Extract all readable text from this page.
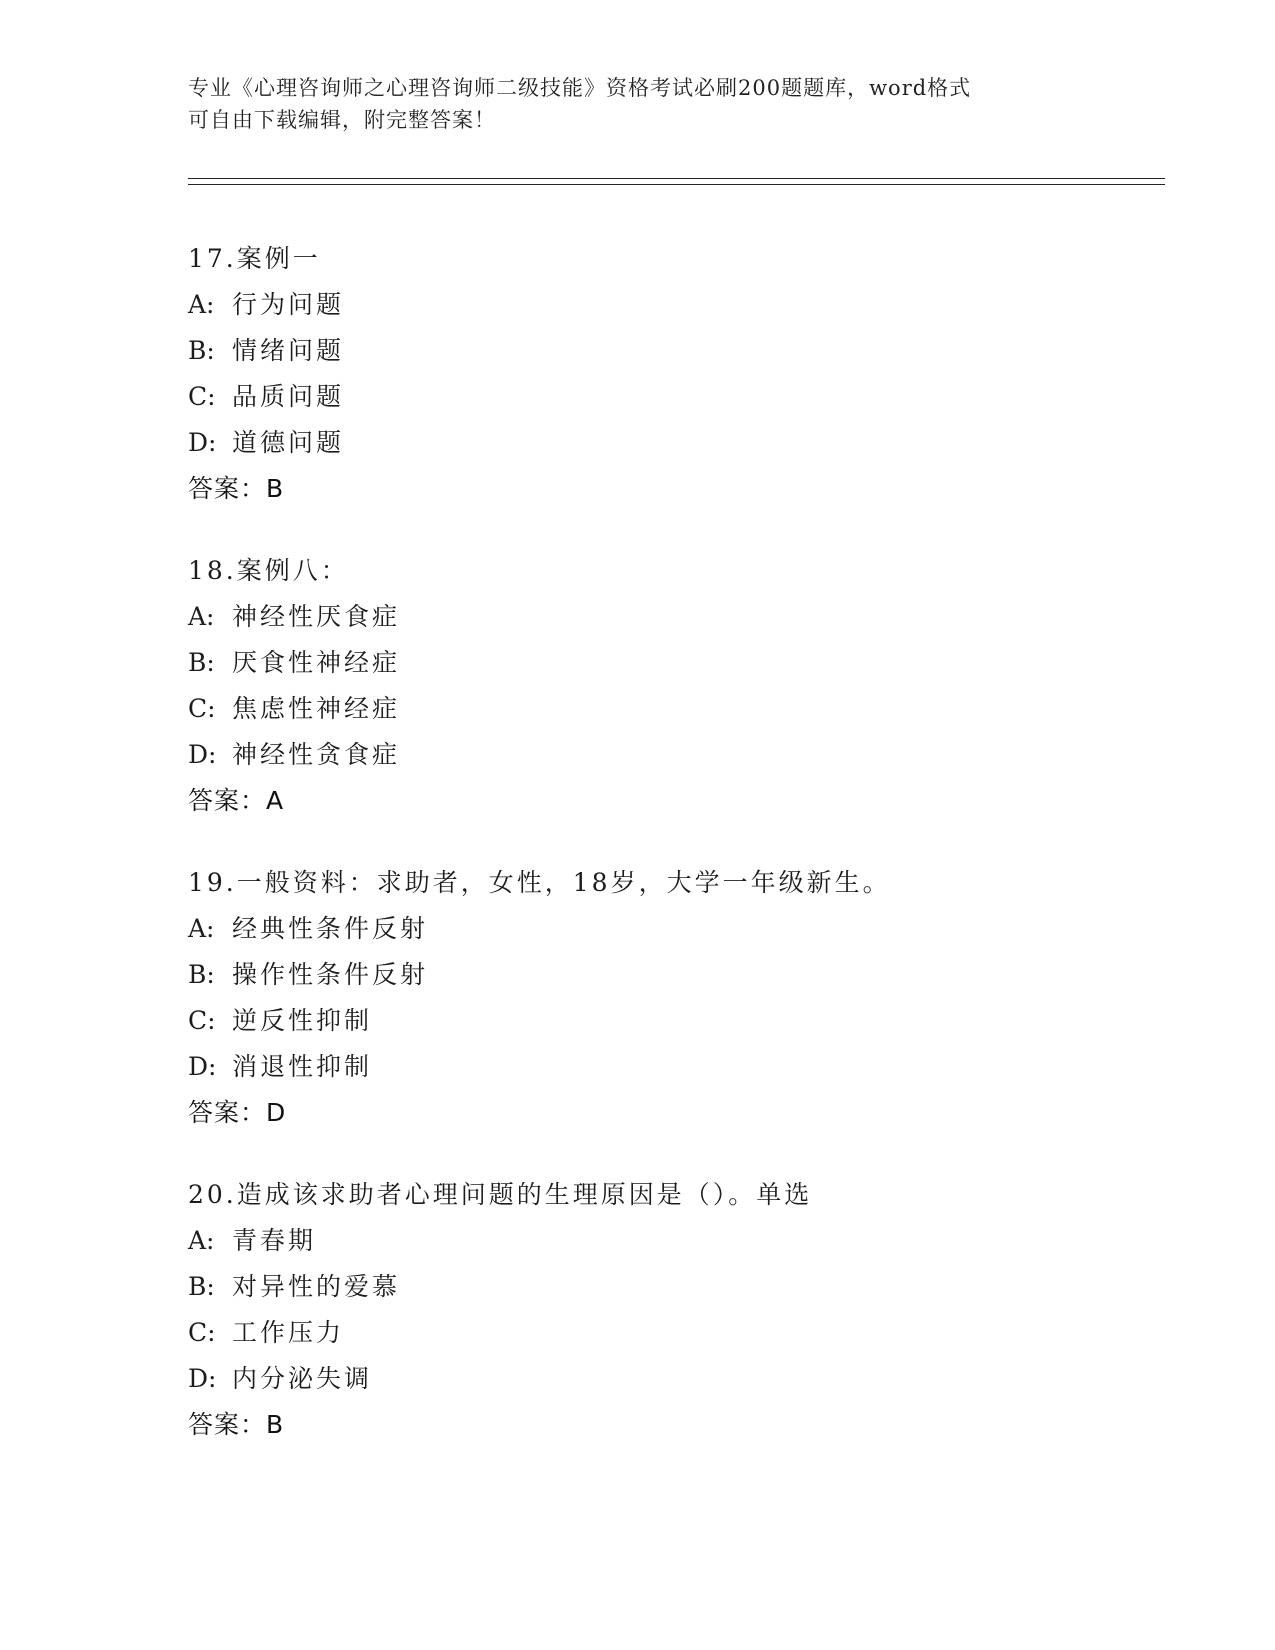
专业《心理咨询师之心理咨询师二级技能》资格考试必刷200题题库，word格式
可自由下载编辑，附完整答案！
17.案例一
A: 行为问题
B: 情绪问题
C: 品质问题
D: 道德问题
答案：B
18.案例八：
A: 神经性厌食症
B: 厌食性神经症
C: 焦虑性神经症
D: 神经性贪食症
答案：A
19.一般资料：求助者，女性，18岁，大学一年级新生。
A: 经典性条件反射
B: 操作性条件反射
C: 逆反性抑制
D: 消退性抑制
答案：D
20.造成该求助者心理问题的生理原因是（）。单选
A: 青春期
B: 对异性的爱慕
C: 工作压力
D: 内分泌失调
答案：B
